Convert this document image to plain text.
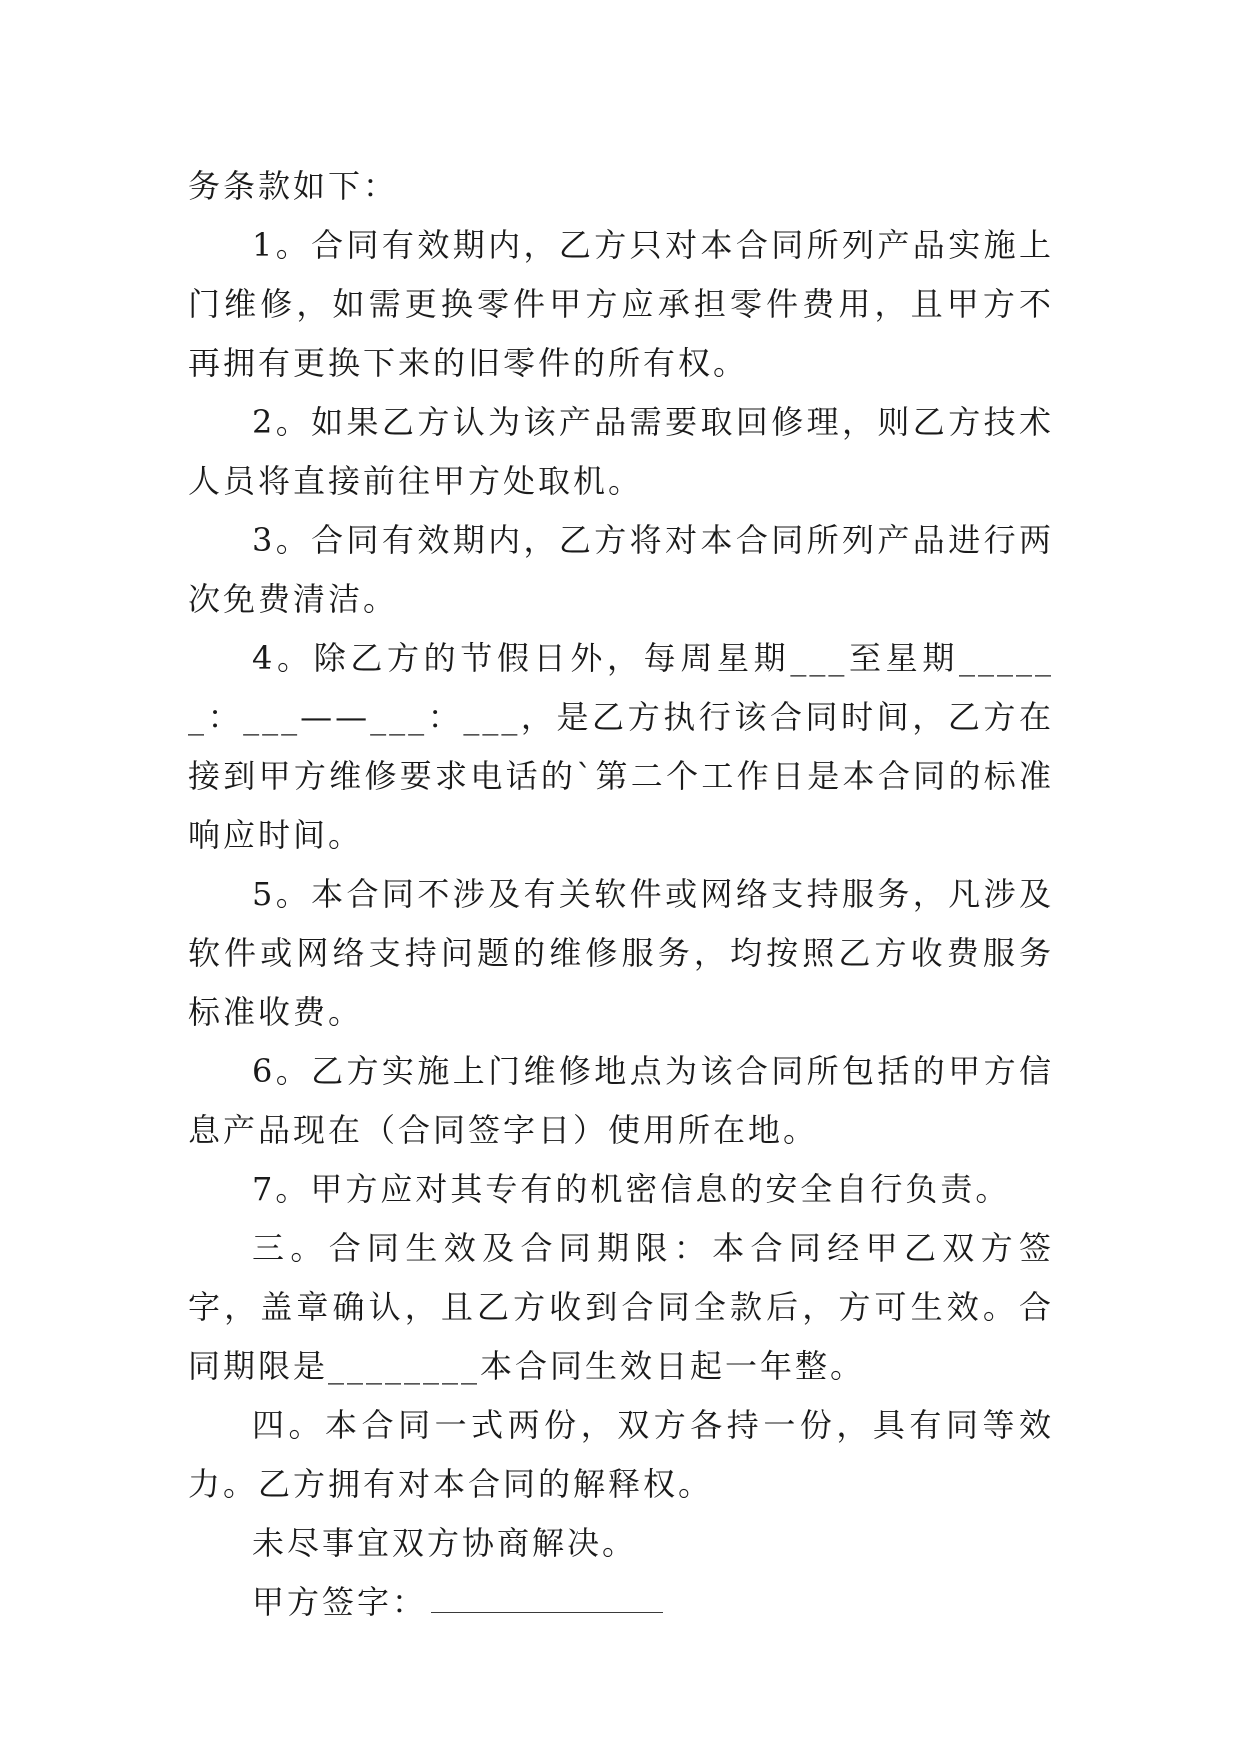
务条款如下：

1。合同有效期内，乙方只对本合同所列产品实施上门维修，如需更换零件甲方应承担零件费用，且甲方不再拥有更换下来的旧零件的所有权。

2。如果乙方认为该产品需要取回修理，则乙方技术人员将直接前往甲方处取机。

3。合同有效期内，乙方将对本合同所列产品进行两次免费清洁。

4。除乙方的节假日外，每周星期___至星期______：___——___：___，是乙方执行该合同时间，乙方在接到甲方维修要求电话的`第二个工作日是本合同的标准响应时间。

5。本合同不涉及有关软件或网络支持服务，凡涉及软件或网络支持问题的维修服务，均按照乙方收费服务标准收费。

6。乙方实施上门维修地点为该合同所包括的甲方信息产品现在（合同签字日）使用所在地。

7。甲方应对其专有的机密信息的安全自行负责。

三。合同生效及合同期限：本合同经甲乙双方签字，盖章确认，且乙方收到合同全款后，方可生效。合同期限是________本合同生效日起一年整。

四。本合同一式两份，双方各持一份，具有同等效力。乙方拥有对本合同的解释权。

未尽事宜双方协商解决。

甲方签字：
